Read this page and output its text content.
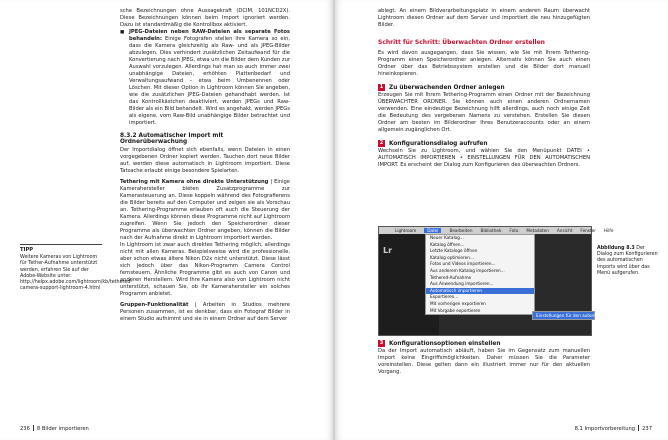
sche Bezeichnungen ohne Aussagekraft (DCIM, 101NCD2X). Diese Bezeichnungen können beim Import ignoriert werden. Dazu ist standardmäßig die Kontrollbox aktiviert.

■ JPEG-Dateien neben RAW-Dateien als separate Fotos behandeln: Einige Fotografen stellen ihre Kamera so ein, dass die Kamera gleichzeitig als Raw- und als JPEG-Bilder abzulegen. Dies verhindert zusätzlichen Zeitaufwand für die Konvertierung nach JPEG, etwa um die Bilder dem Kunden zur Auswahl vorzulegen. Allerdings hat man so auch immer zwei unabhängige Dateien, erhöhten Plattenbedarf und Verwaltungsaufwand – etwa beim Umbenennen oder Löschen. Mit dieser Option in Lightroom können Sie angeben, wie die zusätzlichen JPEG-Dateien gehandhabt werden. Ist das Kontrollkästchen deaktiviert, werden JPEGs und Raw-Bilder als ein Bild behandelt. Wird es angehakt, werden JPEGs als eigene, vom Raw-Bild unabhängige Bilder betrachtet und importiert.

8.3.2 Automatischer Import mit Ordnerüberwachung

Der Importdialog öffnet sich ebenfalls, wenn Dateien in einen vorgegebenen Ordner kopiert werden. Tauchen dort neue Bilder auf, werden diese automatisch in Lightroom importiert. Diese Tatsache erlaubt einige besondere Spielarten.

Tethering mit Kamera ohne direkte Unterstützung | Einige Kamerahersteller bieten Zusatzprogramme zur Kamerasteuerung an. Diese koppeln während des Fotografierens die Bilder bereits auf den Computer und zeigen sie als Vorschau an. Tethering-Programme erlauben oft auch die Steuerung der Kamera. Allerdings können diese Programme nicht auf Lightroom zugreifen. Wenn Sie jedoch den Speicherordner dieser Programme als überwachten Ordner angeben, können die Bilder nach der Aufnahme direkt in Lightroom importiert werden.

In Lightroom ist zwar auch direktes Tethering möglich, allerdings nicht mit allen Kameras. Beispielsweise wird die professionelle, aber schon etwas ältere Nikon D2x nicht unterstützt. Diese lässt sich jedoch über das Nikon-Programm Camera Control fernsteuern. Ähnliche Programme gibt es auch von Canon und anderen Herstellern. Wird Ihre Kamera also von Lightroom nicht unterstützt, schauen Sie, ob Ihr Kamerahersteller ein solches Programm anbietet.

Gruppen-Funktionalität | Arbeiten in Studios mehrere Personen zusammen, ist es denkbar, dass ein Fotograf Bilder in einem Studio aufnimmt und sie in einem Ordner auf dem Server

TIPP
Weitere Kameras von Lightroom für Tether-Aufnahme unterstützt werden, erfahren Sie auf der Adobe-Website unter: http://helpx.adobe.com/lightroom/kb/tethered-camera-support-lightroom-4.html
236 8 Bilder importieren

ablegt. An einem Bildverarbeitungsplatz in einem anderen Raum überwacht Lightroom diesen Ordner auf dem Server und importiert die neu hinzugefügten Bilder.

Schritt für Schritt: Überwachten Ordner erstellen

Es wird davon ausgegangen, dass Sie wissen, wie Sie mit Ihrem Tethering-Programm einen Speicherordner anlegen. Alternativ können Sie auch einen Ordner über das Betriebssystem erstellen und die Bilder dort manuell hineinkopieren.

1 Zu überwachenden Ordner anlegen

Erzeugen Sie mit Ihrem Tethering-Programm einen Ordner mit der Bezeichnung ÜBERWACHTER ORDNER. Sie können auch einen anderen Ordnernamen verwenden. Eine eindeutige Bezeichnung hilft allerdings, auch noch einige Zeit die Bedeutung des vergebenen Namens zu verstehen. Erstellen Sie diesen Ordner am besten im Bilderordner Ihres Benutzeraccounts oder an einem allgemein zugänglichen Ort.

2 Konfigurationsdialog aufrufen

Wechseln Sie zu Lightroom, und wählen Sie den Menüpunkt DATEI • AUTOMATISCH IMPORTIEREN • EINSTELLUNGEN FÜR DEN AUTOMATISCHEN IMPORT. Es erscheint der Dialog zum Konfigurieren des überwachten Ordners.

Lightroom	Datei	Bearbeiten Bibliothek Foto Metadaten Ansicht Fenster Hilfe
Lr
Neuer Katalog...
Katalog öffnen...
Letzte Kataloge öffnen
Katalog optimieren...
Fotos und Videos importieren...
Aus anderem Katalog importieren...
Tethered-Aufnahme
Aus Anwendung importieren...
Automatisch importieren
Exportieren...
Mit vorherigen exportieren
Mit Vorgabe exportieren
Einstellungen für den automatischen Import
Abbildung 8.3 Der Dialog zum Konfigurieren des automatischen Imports wird über das Menü aufgerufen.
3 Konfigurationsoptionen einstellen

Da der Import automatisch abläuft, haben Sie im Gegensatz zum manuellen Import keine Eingriffsmöglichkeiten. Daher müssen Sie die Parameter voreinstellen. Diese gelten dann ein illustriert immer nur für den aktuellen Vorgang.

8.1 Importvorbereitung 237
